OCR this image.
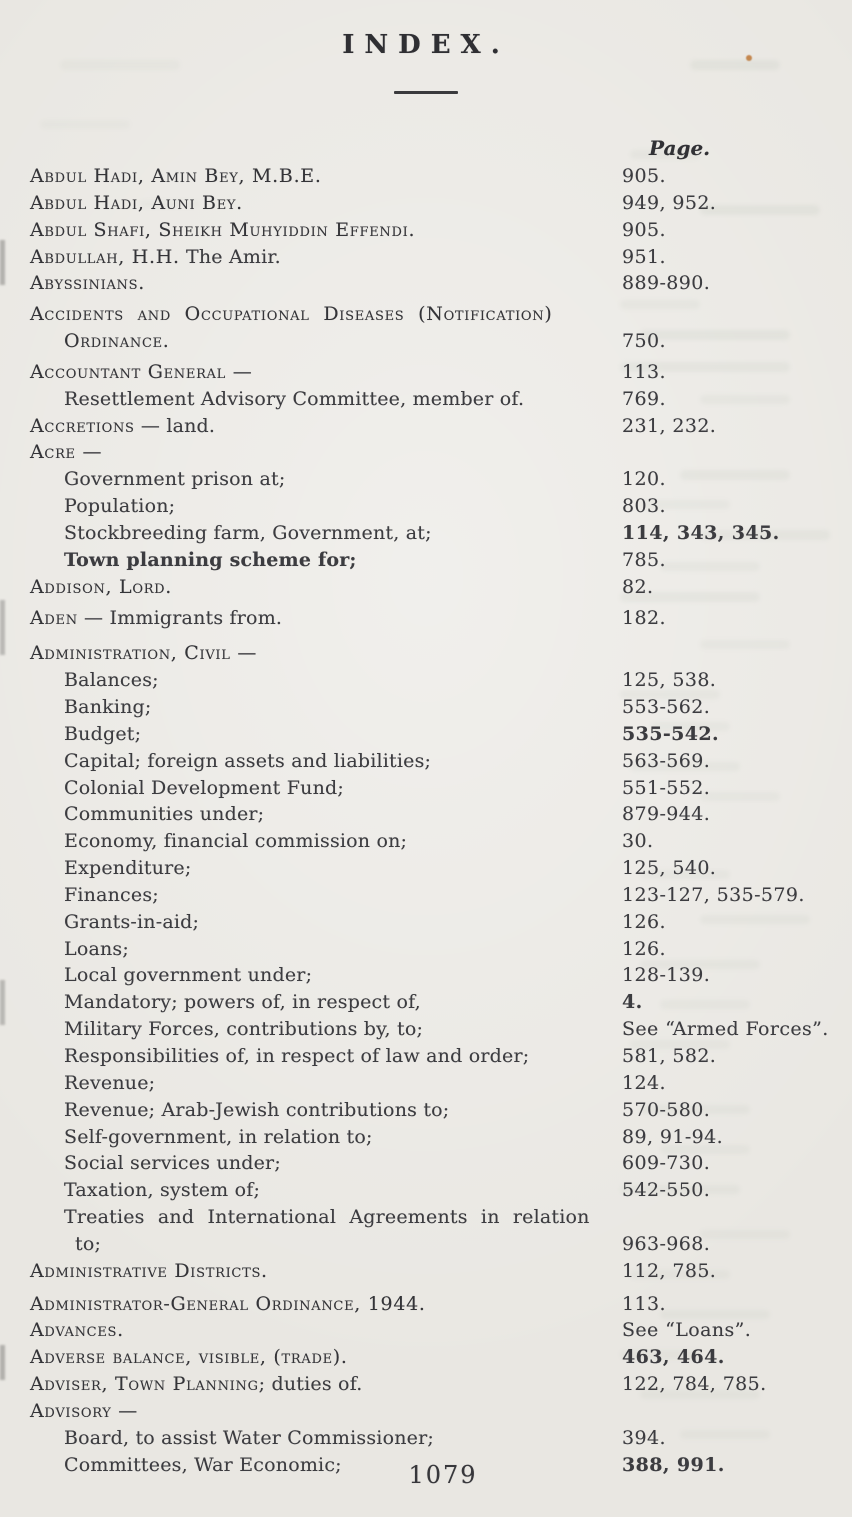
INDEX.
Page.
Abdul Hadi, Amin Bey, M.B.E.	905.
Abdul Hadi, Auni Bey.	949, 952.
Abdul Shafi, Sheikh Muhyiddin Effendi.	905.
Abdullah, H.H. The Amir.	951.
Abyssinians.	889-890.
Accidents and Occupational Diseases (Notification)
Ordinance.	750.
Accountant General —	113.
Resettlement Advisory Committee, member of.	769.
Accretions — land.	231, 232.
Acre —
Government prison at;	120.
Population;	803.
Stockbreeding farm, Government, at;	114, 343, 345.
Town planning scheme for;	785.
Addison, Lord.	82.
Aden — Immigrants from.	182.
Administration, Civil —
Balances;	125, 538.
Banking;	553-562.
Budget;	535-542.
Capital; foreign assets and liabilities;	563-569.
Colonial Development Fund;	551-552.
Communities under;	879-944.
Economy, financial commission on;	30.
Expenditure;	125, 540.
Finances;	123-127, 535-579.
Grants-in-aid;	126.
Loans;	126.
Local government under;	128-139.
Mandatory; powers of, in respect of,	4.
Military Forces, contributions by, to;	See “Armed Forces”.
Responsibilities of, in respect of law and order;	581, 582.
Revenue;	124.
Revenue; Arab-Jewish contributions to;	570-580.
Self-government, in relation to;	89, 91-94.
Social services under;	609-730.
Taxation, system of;	542-550.
Treaties and International Agreements in relation
to;	963-968.
Administrative Districts.	112, 785.
Administrator-General Ordinance, 1944.	113.
Advances.	See “Loans”.
Adverse balance, visible, (trade).	463, 464.
Adviser, Town Planning; duties of.	122, 784, 785.
Advisory —
Board, to assist Water Commissioner;	394.
Committees, War Economic;	388, 991.
1079
